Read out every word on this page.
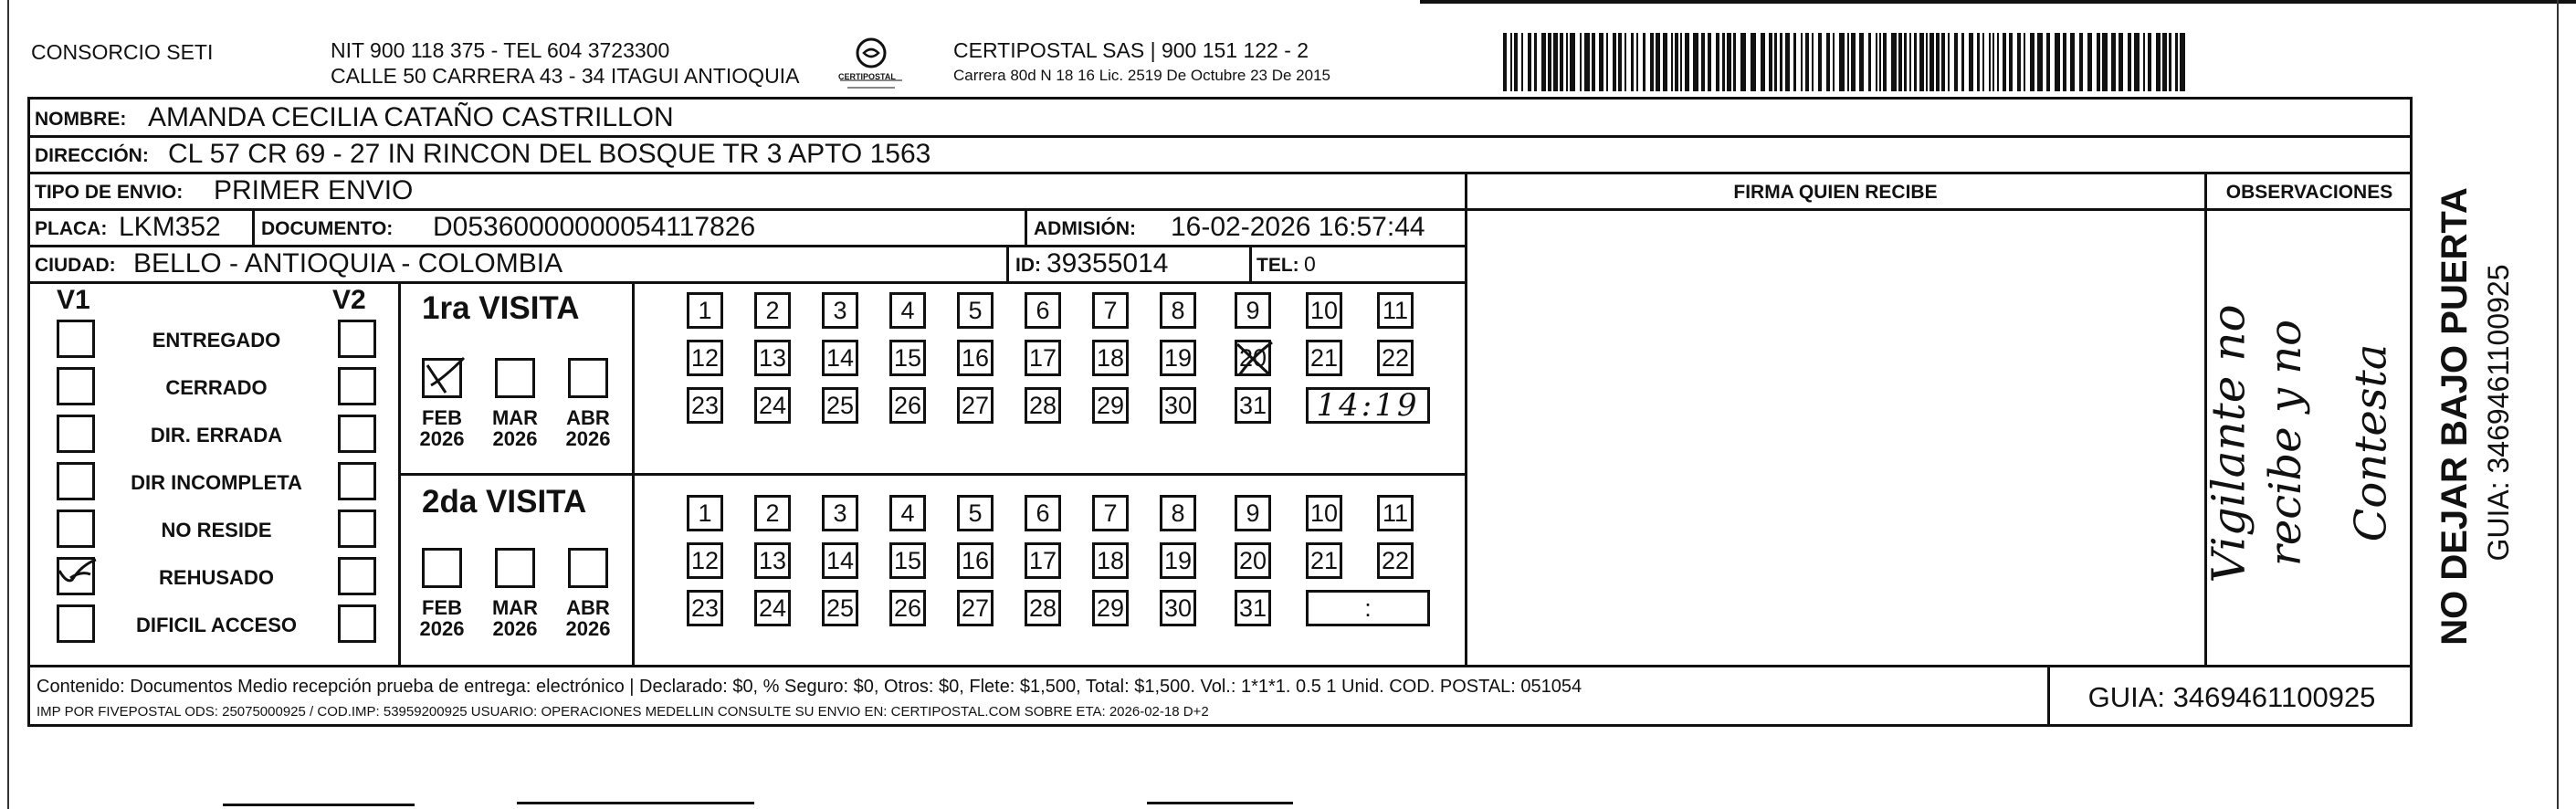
CONSORCIO SETI	NIT 900 118 375 - TEL 604 3723300
CALLE 50 CARRERA 43 - 34 ITAGUI ANTIOQUIA	CERTIPOSTAL
CERTIPOSTAL SAS | 900 151 122 - 2
Carrera 80d N 18 16 Lic. 2519 De Octubre 23 De 2015
NOMBRE: AMANDA CECILIA CATAÑO CASTRILLON
DIRECCIÓN: CL 57 CR 69 - 27 IN RINCON DEL BOSQUE TR 3 APTO 1563
TIPO DE ENVIO: PRIMER ENVIO
PLACA: LKM352 DOCUMENTO: D05360000000054117826	ADMISIÓN: 16-02-2026 16:57:44
CIUDAD: BELLO - ANTIOQUIA - COLOMBIA	ID: 39355014	TEL: 0
FIRMA QUIEN RECIBE	OBSERVACIONES
Vigilante no recibe y no Contesta
V1	V2
ENTREGADO
CERRADO
DIR. ERRADA
DIR INCOMPLETA
NO RESIDE
REHUSADO
DIFICIL ACCESO
1ra VISITA
2da VISITA
FEB
2026
MAR
2026
ABR
2026
FEB
2026
MAR
2026
ABR
2026
1 2 3 4 5 6 7 8 9 10 11
12 13 14 15 16 17 18 19 20 21 22
23 24 25 26 27 28 29 30 31 14:19
1 2 3 4 5 6 7 8 9 10 11
12 13 14 15 16 17 18 19 20 21 22
23 24 25 26 27 28 29 30 31	:
Contenido: Documentos Medio recepción prueba de entrega: electrónico | Declarado: $0, % Seguro: $0, Otros: $0, Flete: $1,500, Total: $1,500. Vol.: 1*1*1. 0.5 1 Unid. COD. POSTAL: 051054
IMP POR FIVEPOSTAL ODS: 25075000925 / COD.IMP: 53959200925 USUARIO: OPERACIONES MEDELLIN CONSULTE SU ENVIO EN: CERTIPOSTAL.COM SOBRE ETA: 2026-02-18 D+2	GUIA: 3469461100925
NO DEJAR BAJO PUERTA GUIA: 3469461100925
